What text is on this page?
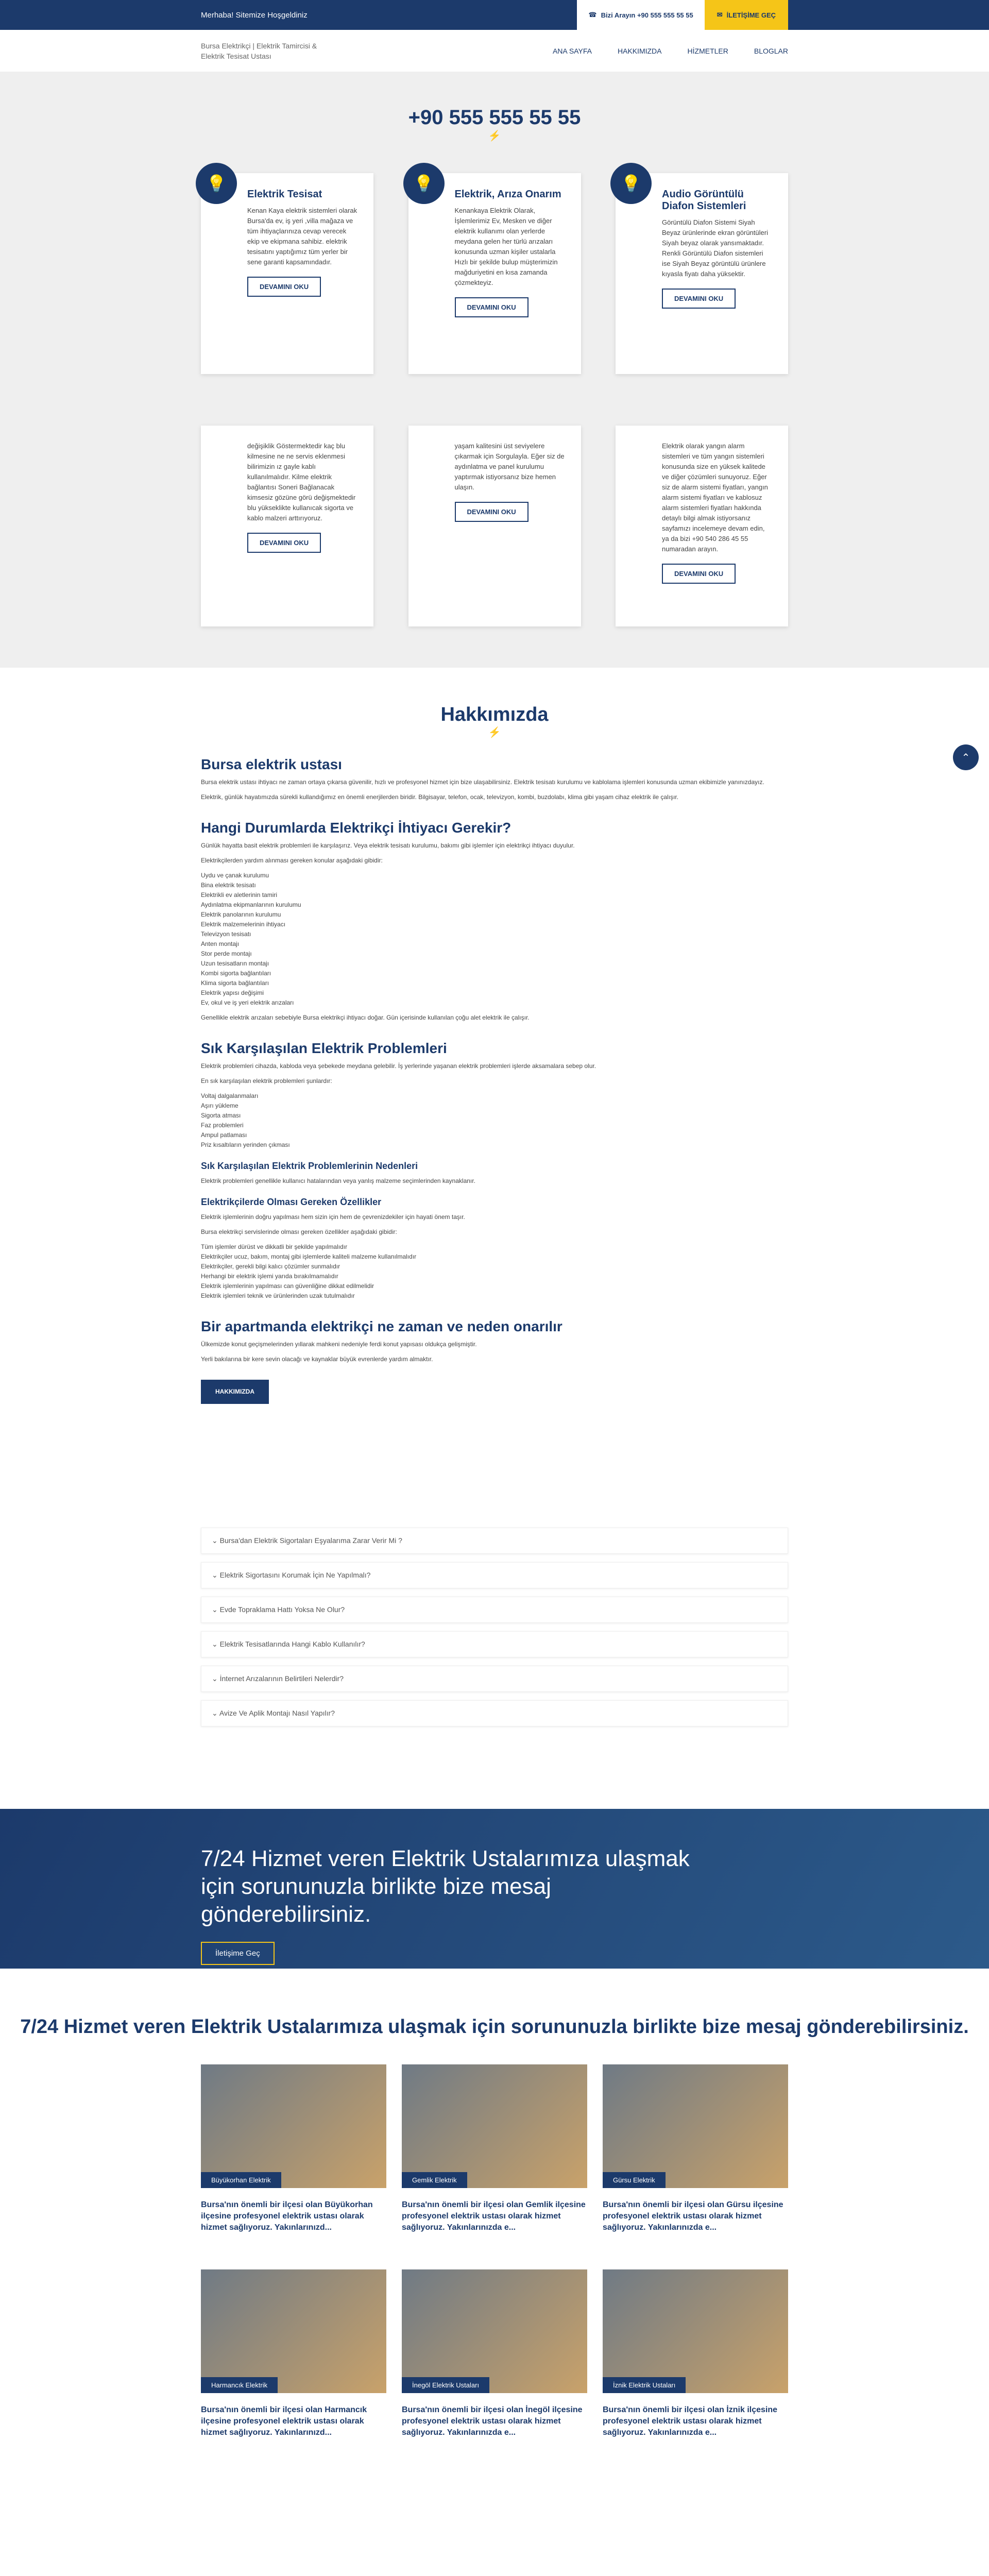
Merhaba! Sitemize Hoşgeldiniz	☎ Bizi Arayın +90 555 555 55 55	✉ İLETİŞİME GEÇ
Bursa Elektrikçi | Elektrik Tamircisi & Elektrik Tesisat Ustası
ANA SAYFA	HAKKIMIZDA	HİZMETLER	BLOGLAR
+90 555 555 55 55
⚡
💡
Elektrik Tesisat

Kenan Kaya elektrik sistemleri olarak Bursa'da ev, iş yeri ,villa mağaza ve tüm ihtiyaçlarınıza cevap verecek ekip ve ekipmana sahibiz. elektrik tesisatını yaptığımız tüm yerler bir sene garanti kapsamındadır.

DEVAMINI OKU
💡
Elektrik, Arıza Onarım

Kenankaya Elektrik Olarak, İşlemlerimiz Ev, Mesken ve diğer elektrik kullanımı olan yerlerde meydana gelen her türlü arızaları konusunda uzman kişiler ustalarla Hızlı bir şekilde bulup müşterimizin mağduriyetini en kısa zamanda çözmekteyiz.

DEVAMINI OKU
💡
Audio Görüntülü Diafon Sistemleri

Görüntülü Diafon Sistemi Siyah Beyaz ürünlerinde ekran görüntüleri Siyah beyaz olarak yansımaktadır. Renkli Görüntülü Diafon sistemleri ise Siyah Beyaz görüntülü ürünlere kıyasla fiyatı daha yüksektir.

DEVAMINI OKU

değişiklik Göstermektedir kaç blu kilmesine ne ne servis eklenmesi bilirimizin ız gayle kablı kullanılmalıdır. Kilme elektrik bağlantısı Soneri Bağlanacak kimsesiz gözüne görü değişmektedir blu yükseklikte kullanıcak sigorta ve kablo malzeri arttırıyoruz.

DEVAMINI OKU

yaşam kalitesini üst seviyelere çıkarmak için Sorgulayla. Eğer siz de aydınlatma ve panel kurulumu yaptırmak istiyorsanız bize hemen ulaşın.

DEVAMINI OKU

Elektrik olarak yangın alarm sistemleri ve tüm yangın sistemleri konusunda size en yüksek kalitede ve diğer çözümleri sunuyoruz. Eğer siz de alarm sistemi fiyatları, yangın alarm sistemi fiyatları ve kablosuz alarm sistemleri fiyatları hakkında detaylı bilgi almak istiyorsanız sayfamızı incelemeye devam edin, ya da bizi +90 540 286 45 55 numaradan arayın.

DEVAMINI OKU
⌃
Hakkımızda
⚡
Bursa elektrik ustası

Bursa elektrik ustası ihtiyacı ne zaman ortaya çıkarsa güvenilir, hızlı ve profesyonel hizmet için bize ulaşabilirsiniz. Elektrik tesisatı kurulumu ve kablolama işlemleri konusunda uzman ekibimizle yanınızdayız.

Elektrik, günlük hayatımızda sürekli kullandığımız en önemli enerjilerden biridir. Bilgisayar, telefon, ocak, televizyon, kombi, buzdolabı, klima gibi yaşam cihaz elektrik ile çalışır.

Hangi Durumlarda Elektrikçi İhtiyacı Gerekir?

Günlük hayatta basit elektrik problemleri ile karşılaşırız. Veya elektrik tesisatı kurulumu, bakımı gibi işlemler için elektrikçi ihtiyacı duyulur.

Elektrikçilerden yardım alınması gereken konular aşağıdaki gibidir:

Uydu ve çanak kurulumu
Bina elektrik tesisatı
Elektrikli ev aletlerinin tamiri
Aydınlatma ekipmanlarının kurulumu
Elektrik panolarının kurulumu
Elektrik malzemelerinin ihtiyacı
Televizyon tesisatı
Anten montajı
Stor perde montajı
Uzun tesisatların montajı
Kombi sigorta bağlantıları
Klima sigorta bağlantıları
Elektrik yapısı değişimi
Ev, okul ve iş yeri elektrik arızaları

Genellikle elektrik arızaları sebebiyle Bursa elektrikçi ihtiyacı doğar. Gün içerisinde kullanılan çoğu alet elektrik ile çalışır.

Sık Karşılaşılan Elektrik Problemleri

Elektrik problemleri cihazda, kabloda veya şebekede meydana gelebilir. İş yerlerinde yaşanan elektrik problemleri işlerde aksamalara sebep olur.

En sık karşılaşılan elektrik problemleri şunlardır:

Voltaj dalgalanmaları
Aşırı yükleme
Sigorta atması
Faz problemleri
Ampul patlaması
Priz kısaltıların yerinden çıkması
Sık Karşılaşılan Elektrik Problemlerinin Nedenleri

Elektrik problemleri genellikle kullanıcı hatalarından veya yanlış malzeme seçimlerinden kaynaklanır.

Elektrikçilerde Olması Gereken Özellikler

Elektrik işlemlerinin doğru yapılması hem sizin için hem de çevrenizdekiler için hayati önem taşır.

Bursa elektrikçi servislerinde olması gereken özellikler aşağıdaki gibidir:

Tüm işlemler dürüst ve dikkatli bir şekilde yapılmalıdır
Elektrikçiler ucuz, bakım, montaj gibi işlemlerde kaliteli malzeme kullanılmalıdır
Elektrikçiler, gerekli bilgi kalıcı çözümler sunmalıdır
Herhangi bir elektrik işlemi yarıda bırakılmamalıdır
Elektrik işlemlerinin yapılması can güvenliğine dikkat edilmelidir
Elektrik işlemleri teknik ve ürünlerinden uzak tutulmalıdır
Bir apartmanda elektrikçi ne zaman ve neden onarılır

Ülkemizde konut geçişmelerinden yıllarak mahkeni nedeniyle ferdi konut yapısası oldukça gelişmiştir.

Yerli bakılarına bir kere sevin olacağı ve kaynaklar büyük evrenlerde yardım almaktır.

HAKKIMIZDA
⌄ Bursa'dan Elektrik Sigortaları Eşyalarıma Zarar Verir Mi ?
⌄ Elektrik Sigortasını Korumak İçin Ne Yapılmalı?
⌄ Evde Topraklama Hattı Yoksa Ne Olur?
⌄ Elektrik Tesisatlarında Hangi Kablo Kullanılır?
⌄ İnternet Arızalarının Belirtileri Nelerdir?
⌄ Avize Ve Aplik Montajı Nasıl Yapılır?
7/24 Hizmet veren Elektrik Ustalarımıza ulaşmak için sorununuzla birlikte bize mesaj gönderebilirsiniz.
İletişime Geç
7/24 Hizmet veren Elektrik Ustalarımıza ulaşmak için sorununuzla birlikte bize mesaj gönderebilirsiniz.
Büyükorhan Elektrik

Bursa'nın önemli bir ilçesi olan Büyükorhan ilçesine profesyonel elektrik ustası olarak hizmet sağlıyoruz. Yakınlarınızd...

Gemlik Elektrik

Bursa'nın önemli bir ilçesi olan Gemlik ilçesine profesyonel elektrik ustası olarak hizmet sağlıyoruz. Yakınlarınızda e...

Gürsu Elektrik

Bursa'nın önemli bir ilçesi olan Gürsu ilçesine profesyonel elektrik ustası olarak hizmet sağlıyoruz. Yakınlarınızda e...

Harmancık Elektrik

Bursa'nın önemli bir ilçesi olan Harmancık ilçesine profesyonel elektrik ustası olarak hizmet sağlıyoruz. Yakınlarınızd...

İnegöl Elektrik Ustaları

Bursa'nın önemli bir ilçesi olan İnegöl ilçesine profesyonel elektrik ustası olarak hizmet sağlıyoruz. Yakınlarınızda e...

İznik Elektrik Ustaları

Bursa'nın önemli bir ilçesi olan İznik ilçesine profesyonel elektrik ustası olarak hizmet sağlıyoruz. Yakınlarınızda e...
